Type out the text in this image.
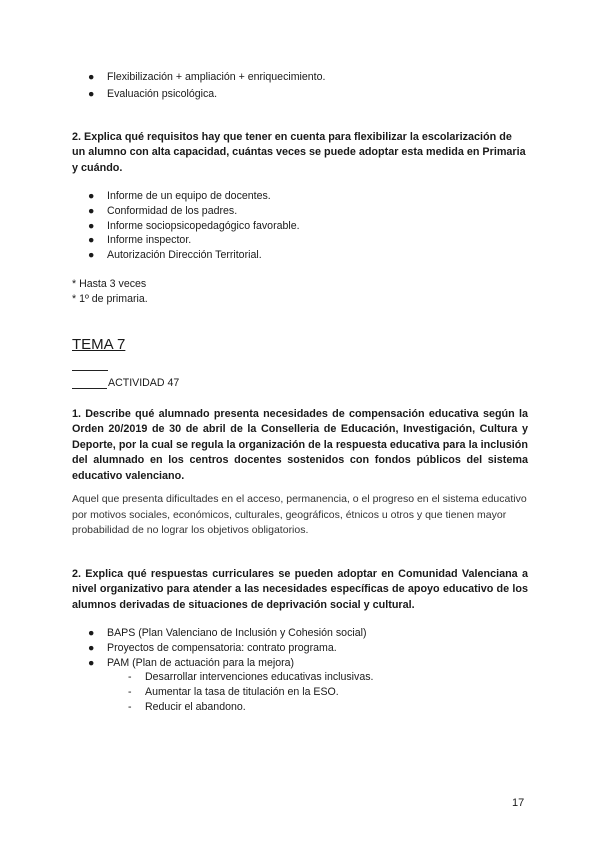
● Flexibilización + ampliación + enriquecimiento.
● Evaluación psicológica.
2. Explica qué requisitos hay que tener en cuenta para flexibilizar la escolarización de un alumno con alta capacidad, cuántas veces se puede adoptar esta medida en Primaria y cuándo.
● Informe de un equipo de docentes.
● Conformidad de los padres.
● Informe sociopsicopedagógico favorable.
● Informe inspector.
● Autorización Dirección Territorial.
* Hasta 3 veces
* 1º de primaria.
TEMA 7
ACTIVIDAD 47
1. Describe qué alumnado presenta necesidades de compensación educativa según la Orden 20/2019 de 30 de abril de la Conselleria de Educación, Investigación, Cultura y Deporte, por la cual se regula la organización de la respuesta educativa para la inclusión del alumnado en los centros docentes sostenidos con fondos públicos del sistema educativo valenciano.
Aquel que presenta dificultades en el acceso, permanencia, o el progreso en el sistema educativo por motivos sociales, económicos, culturales, geográficos, étnicos u otros y que tienen mayor probabilidad de no lograr los objetivos obligatorios.
2. Explica qué respuestas curriculares se pueden adoptar en Comunidad Valenciana a nivel organizativo para atender a las necesidades específicas de apoyo educativo de los alumnos derivadas de situaciones de deprivación social y cultural.
● BAPS (Plan Valenciano de Inclusión y Cohesión social)
● Proyectos de compensatoria: contrato programa.
● PAM (Plan de actuación para la mejora)
- Desarrollar intervenciones educativas inclusivas.
- Aumentar la tasa de titulación en la ESO.
- Reducir el abandono.
17
